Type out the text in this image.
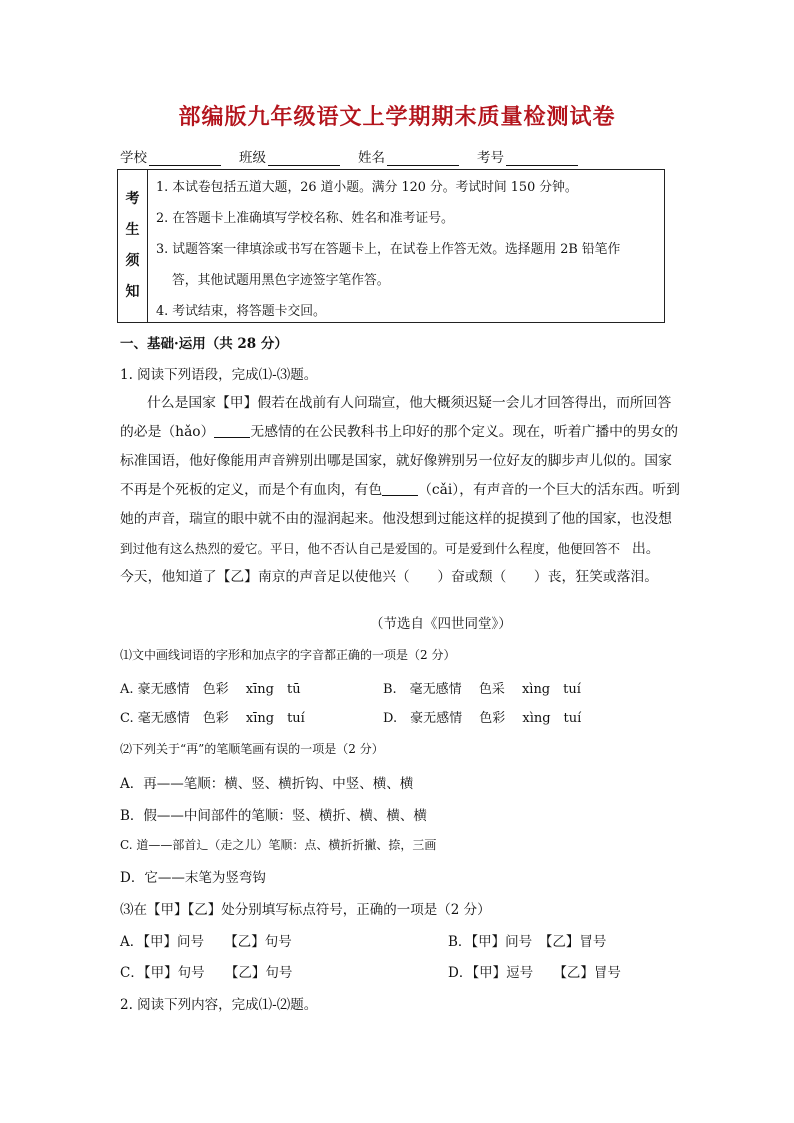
部编版九年级语文上学期期末质量检测试卷
学校	班级	姓名	考号
考
生
须
知
1. 本试卷包括五道大题，26 道小题。满分 120 分。考试时间 150 分钟。
2. 在答题卡上准确填写学校名称、姓名和准考证号。
3. 试题答案一律填涂或书写在答题卡上，在试卷上作答无效。选择题用 2B 铅笔作
答，其他试题用黑色字迹签字笔作答。
4. 考试结束，将答题卡交回。
一、基础·运用（共 28 分）
1. 阅读下列语段，完成⑴-⑶题。
什么是国家【甲】假若在战前有人问瑞宣，他大概须迟疑一会儿才回答得出，而所回答
的必是（hǎo）	无感情的在公民教科书上印好的那个定义。现在，听着广播中的男女的
标准国语，他好像能用声音辨别出哪是国家，就好像辨别另一位好友的脚步声儿似的。国家
不再是个死板的定义，而是个有血肉，有色	（cǎi），有声音的一个巨大的活东西。听到
她的声音，瑞宣的眼中就不由的湿润起来。他没想到过能这样的捉摸到了他的国家，也没想
到过他有这么热烈的爱它。平日，他不否认自己是爱国的。可是爱到什么程度，他便回答不 出。
今天，他知道了【乙】南京的声音足以使他兴（　　）奋或颓（　　）丧，狂笑或落泪。
（节选自《四世同堂》）
⑴文中画线词语的字形和加点字的字音都正确的一项是（2 分）
A. 豪无感情　色彩　 xīng　tū	B.　毫无感情　 色采　 xìng　tuí
C. 毫无感情　色彩　 xīng　tuí	D.　豪无感情　 色彩　 xìng　tuí
⑵下列关于“再”的笔顺笔画有误的一项是（2 分）
A．再——笔顺：横、竖、横折钩、中竖、横、横
B．假——中间部件的笔顺：竖、横折、横、横、横
C. 道——部首辶（走之儿）笔顺：点、横折折撇、捺，三画
D．它——末笔为竖弯钩
⑶在【甲】【乙】处分别填写标点符号，正确的一项是（2 分）
A．【甲】问号　　【乙】句号	B．【甲】问号　【乙】冒号
C．【甲】句号　　【乙】句号	D．【甲】逗号　　【乙】冒号
2. 阅读下列内容，完成⑴-⑵题。
